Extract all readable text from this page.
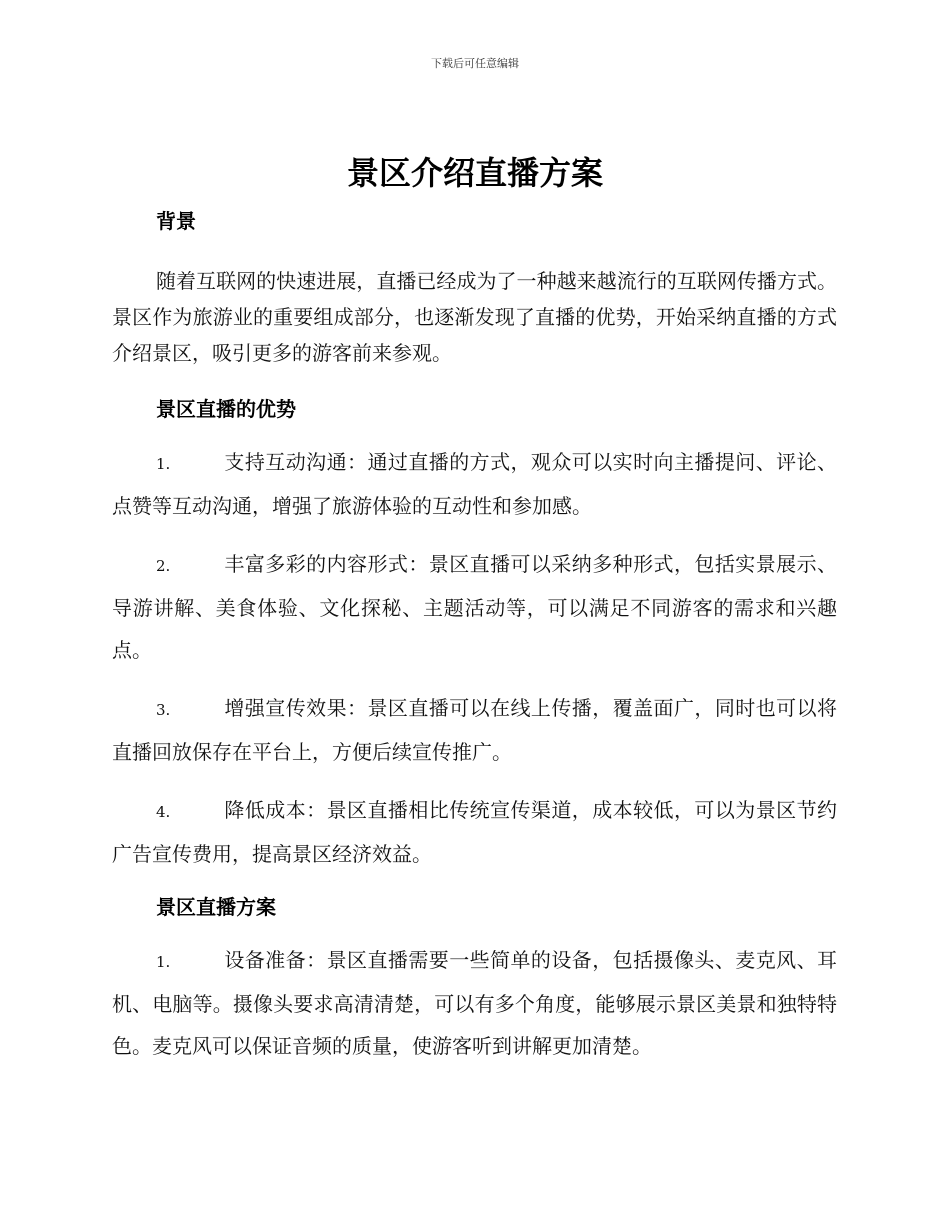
下载后可任意编辑
景区介绍直播方案
背景

随着互联网的快速进展，直播已经成为了一种越来越流行的互联网传播方式。景区作为旅游业的重要组成部分，也逐渐发现了直播的优势，开始采纳直播的方式介绍景区，吸引更多的游客前来参观。

景区直播的优势

1.	支持互动沟通：通过直播的方式，观众可以实时向主播提问、评论、点赞等互动沟通，增强了旅游体验的互动性和参加感。

2.	丰富多彩的内容形式：景区直播可以采纳多种形式，包括实景展示、导游讲解、美食体验、文化探秘、主题活动等，可以满足不同游客的需求和兴趣点。

3.	增强宣传效果：景区直播可以在线上传播，覆盖面广，同时也可以将直播回放保存在平台上，方便后续宣传推广。

4.	降低成本：景区直播相比传统宣传渠道，成本较低，可以为景区节约广告宣传费用，提高景区经济效益。

景区直播方案

1.	设备准备：景区直播需要一些简单的设备，包括摄像头、麦克风、耳机、电脑等。摄像头要求高清清楚，可以有多个角度，能够展示景区美景和独特特色。麦克风可以保证音频的质量，使游客听到讲解更加清楚。
